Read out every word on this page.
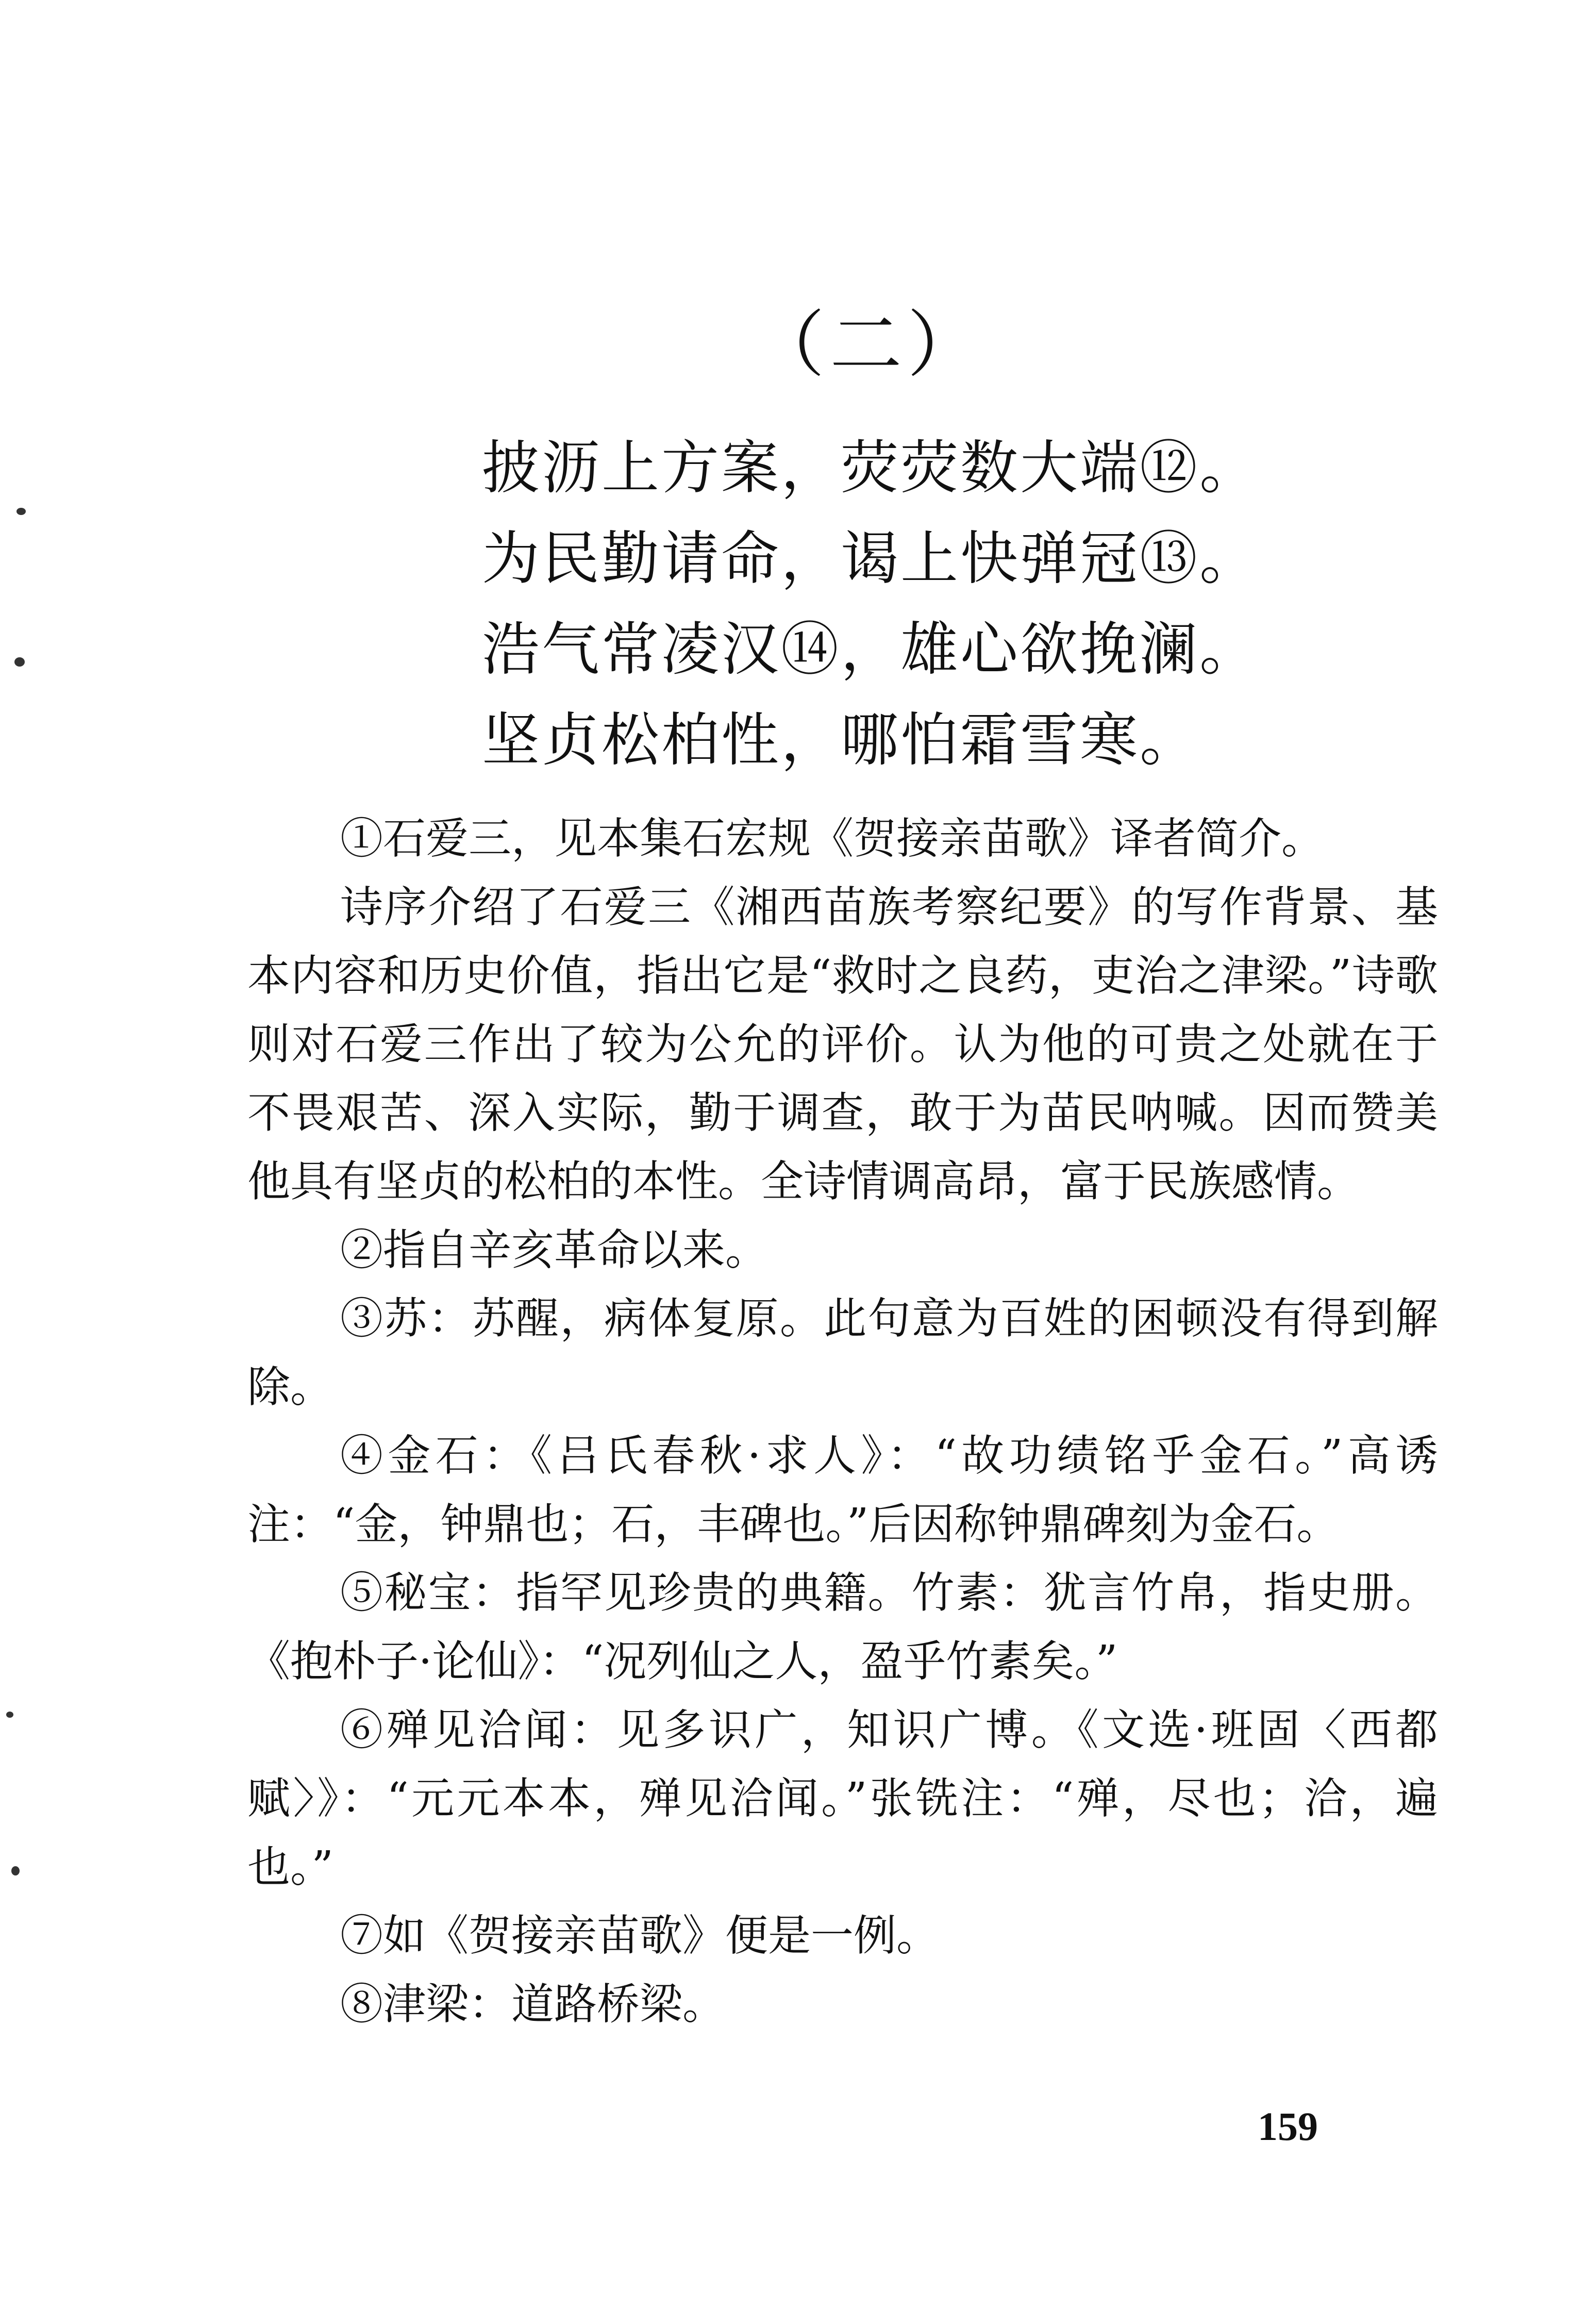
（二）
披沥上方案，荧荧数大端⑫。
为民勤请命，谒上快弹冠⑬。
浩气常凌汉⑭，雄心欲挽澜。
坚贞松柏性，哪怕霜雪寒。

①石爱三，见本集石宏规《贺接亲苗歌》译者简介。

诗序介绍了石爱三《湘西苗族考察纪要》的写作背景、基本内容和历史价值，指出它是“救时之良药，吏治之津梁。”诗歌则对石爱三作出了较为公允的评价。认为他的可贵之处就在于不畏艰苦、深入实际，勤于调查，敢于为苗民呐喊。因而赞美他具有坚贞的松柏的本性。全诗情调高昂，富于民族感情。

②指自辛亥革命以来。

③苏：苏醒，病体复原。此句意为百姓的困顿没有得到解除。

④金石：《吕氏春秋·求人》：“故功绩铭乎金石。”高诱注：“金，钟鼎也；石，丰碑也。”后因称钟鼎碑刻为金石。

⑤秘宝：指罕见珍贵的典籍。竹素：犹言竹帛，指史册。《抱朴子·论仙》：“况列仙之人，盈乎竹素矣。”

⑥殚见洽闻：见多识广，知识广博。《文选·班固〈西都赋〉》：“元元本本，殚见洽闻。”张铣注：“殚，尽也；洽，遍也。”

⑦如《贺接亲苗歌》便是一例。

⑧津梁：道路桥梁。

159
